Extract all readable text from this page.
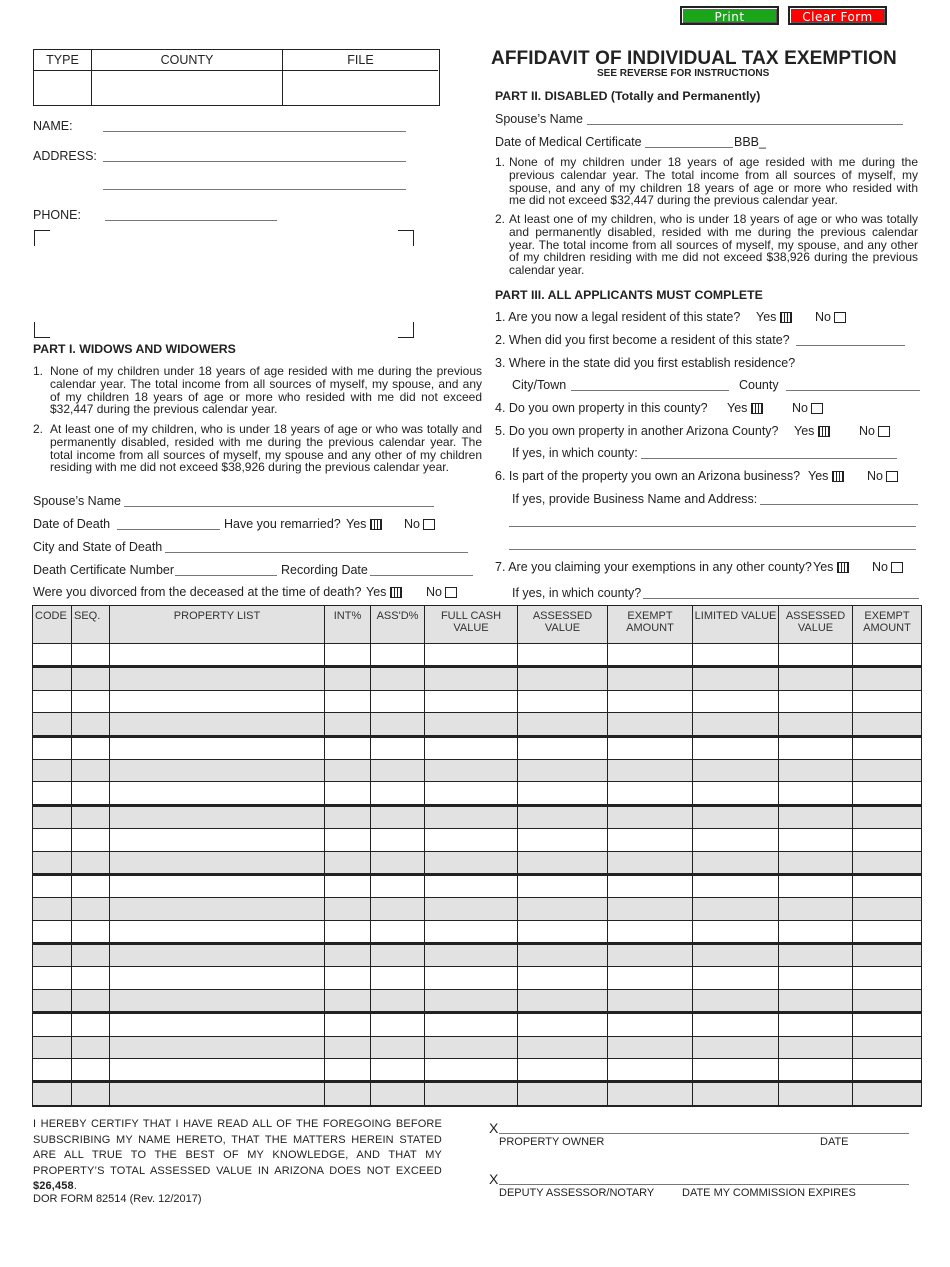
Print	Clear Form
TYPE	COUNTY	FILE
NAME:
ADDRESS:
PHONE:
AFFIDAVIT OF INDIVIDUAL TAX EXEMPTION
SEE REVERSE FOR INSTRUCTIONS
PART I. WIDOWS AND WIDOWERS
1. None of my children under 18 years of age resided with me during the previous calendar year. The total income from all sources of myself, my spouse, and any of my children 18 years of age or more who resided with me did not exceed $32,447 during the previous calendar year.
2. At least one of my children, who is under 18 years of age or who was totally and permanently disabled, resided with me during the previous calendar year. The total income from all sources of myself, my spouse and any other of my children residing with me did not exceed $38,926 during the previous calendar year.
Spouse’s Name
Date of Death	Have you remarried? Yes	No
City and State of Death
Death Certificate Number	Recording Date
Were you divorced from the deceased at the time of death? Yes	No
PART II. DISABLED (Totally and Permanently)
Spouse’s Name
Date of Medical Certificate	BBB_
1. None of my children under 18 years of age resided with me during the previous calendar year. The total income from all sources of myself, my spouse, and any of my children 18 years of age or more who resided with me did not exceed $32,447 during the previous calendar year.
2. At least one of my children, who is under 18 years of age or who was totally and permanently disabled, resided with me during the previous calendar year. The total income from all sources of myself, my spouse, and any other of my children residing with me did not exceed $38,926 during the previous calendar year.
PART III. ALL APPLICANTS MUST COMPLETE
1. Are you now a legal resident of this state? Yes	No
2. When did you first become a resident of this state?
3. Where in the state did you first establish residence?
City/Town	County
4. Do you own property in this county? Yes	No
5. Do you own property in another Arizona County? Yes	No
If yes, in which county:
6. Is part of the property you own an Arizona business? Yes	No
If yes, provide Business Name and Address:
7. Are you claiming your exemptions in any other county? Yes	No
If yes, in which county?
CODE	SEQ.	PROPERTY LIST	INT%	ASS'D%	FULL CASH VALUE	ASSESSED VALUE	EXEMPT AMOUNT	LIMITED VALUE	ASSESSED VALUE	EXEMPT AMOUNT

I HEREBY CERTIFY THAT I HAVE READ ALL OF THE FOREGOING BEFORE SUBSCRIBING MY NAME HERETO, THAT THE MATTERS HEREIN STATED ARE ALL TRUE TO THE BEST OF MY KNOWLEDGE, AND THAT MY PROPERTY’S TOTAL ASSESSED VALUE IN ARIZONA DOES NOT EXCEED $26,458.
DOR FORM 82514 (Rev. 12/2017)
X
PROPERTY OWNER	DATE
X
DEPUTY ASSESSOR/NOTARY	DATE MY COMMISSION EXPIRES
